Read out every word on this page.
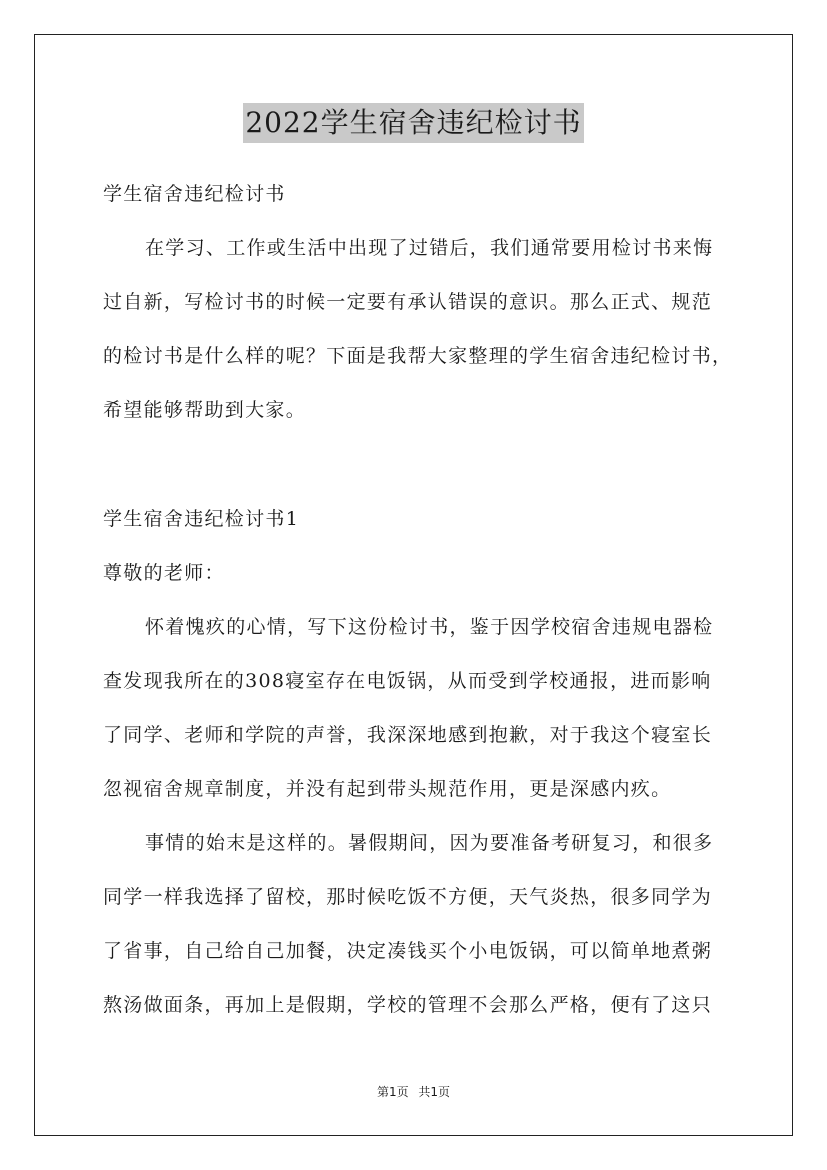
2022学生宿舍违纪检讨书
学生宿舍违纪检讨书
在学习、工作或生活中出现了过错后，我们通常要用检讨书来悔
过自新，写检讨书的时候一定要有承认错误的意识。那么正式、规范
的检讨书是什么样的呢？下面是我帮大家整理的学生宿舍违纪检讨书，
希望能够帮助到大家。
学生宿舍违纪检讨书1
尊敬的老师：
怀着愧疚的心情，写下这份检讨书，鉴于因学校宿舍违规电器检
查发现我所在的308寝室存在电饭锅，从而受到学校通报，进而影响
了同学、老师和学院的声誉，我深深地感到抱歉，对于我这个寝室长
忽视宿舍规章制度，并没有起到带头规范作用，更是深感内疚。
事情的始末是这样的。暑假期间，因为要准备考研复习，和很多
同学一样我选择了留校，那时候吃饭不方便，天气炎热，很多同学为
了省事，自己给自己加餐，决定凑钱买个小电饭锅，可以简单地煮粥
熬汤做面条，再加上是假期，学校的管理不会那么严格，便有了这只
第1页 共1页
